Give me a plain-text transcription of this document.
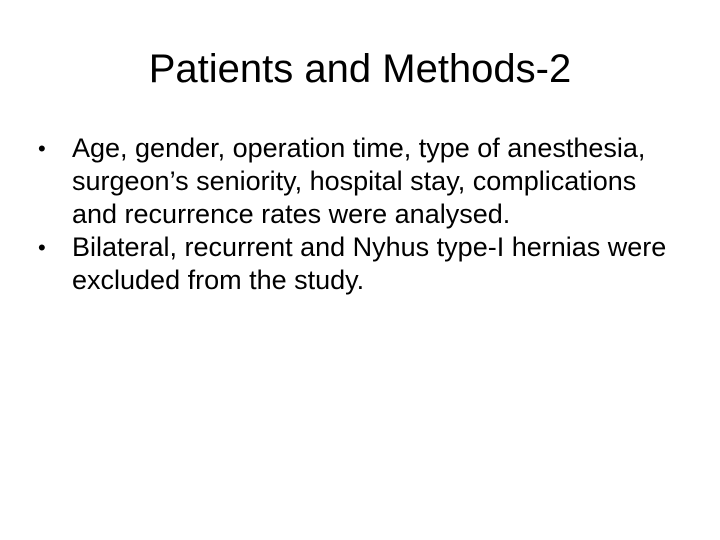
Patients and Methods-2
• Age, gender, operation time, type of anesthesia, surgeon’s seniority, hospital stay, complications and recurrence rates were analysed.
• Bilateral, recurrent and Nyhus type-I hernias were excluded from the study.
